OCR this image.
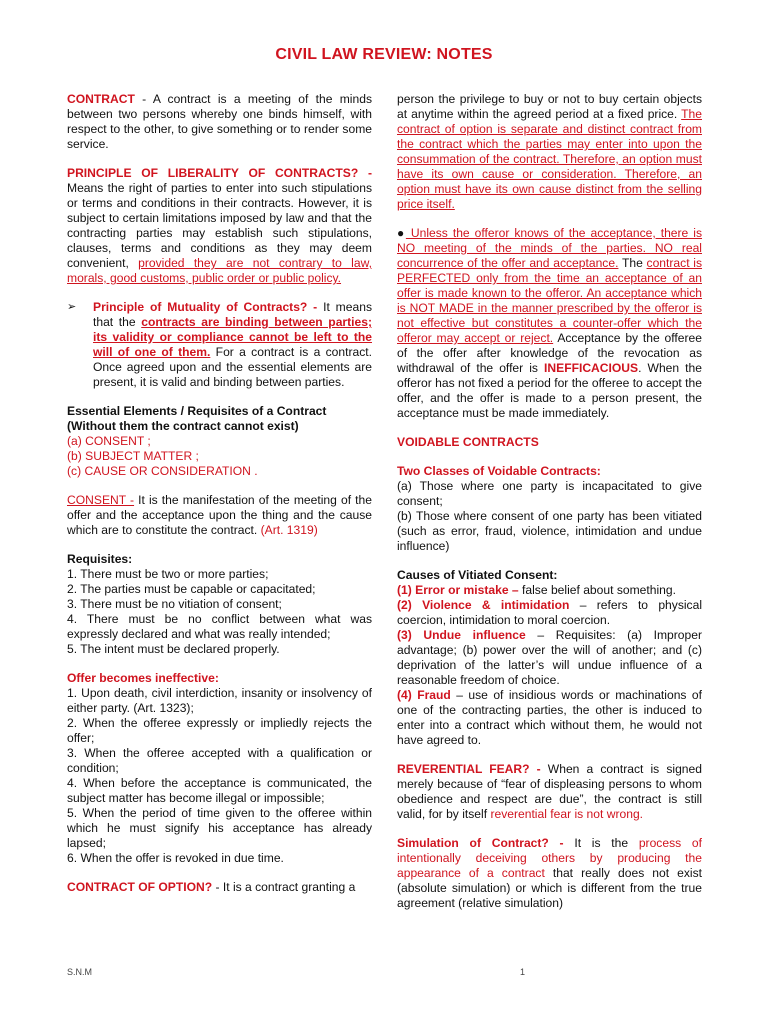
CIVIL LAW REVIEW: NOTES

CONTRACT - A contract is a meeting of the minds between two persons whereby one binds himself, with respect to the other, to give something or to render some service.

PRINCIPLE OF LIBERALITY OF CONTRACTS? - Means the right of parties to enter into such stipulations or terms and conditions in their contracts. However, it is subject to certain limitations imposed by law and that the contracting parties may establish such stipulations, clauses, terms and conditions as they may deem convenient, provided they are not contrary to law, morals, good customs, public order or public policy.

➢	Principle of Mutuality of Contracts? - It means that the contracts are binding between parties; its validity or compliance cannot be left to the will of one of them. For a contract is a contract. Once agreed upon and the essential elements are present, it is valid and binding between parties.
Essential Elements / Requisites of a Contract (Without them the contract cannot exist)
(a) CONSENT ;
(b) SUBJECT MATTER ;
(c) CAUSE OR CONSIDERATION .

CONSENT - It is the manifestation of the meeting of the offer and the acceptance upon the thing and the cause which are to constitute the contract. (Art. 1319)

Requisites:
1. There must be two or more parties;
2. The parties must be capable or capacitated;
3. There must be no vitiation of consent;
4. There must be no conflict between what was expressly declared and what was really intended;
5. The intent must be declared properly.
Offer becomes ineffective:
1. Upon death, civil interdiction, insanity or insolvency of either party. (Art. 1323);
2. When the offeree expressly or impliedly rejects the offer;
3. When the offeree accepted with a qualification or condition;
4. When before the acceptance is communicated, the subject matter has become illegal or impossible;
5. When the period of time given to the offeree within which he must signify his acceptance has already lapsed;
6. When the offer is revoked in due time.

CONTRACT OF OPTION? - It is a contract granting a

person the privilege to buy or not to buy certain objects at anytime within the agreed period at a fixed price. The contract of option is separate and distinct contract from the contract which the parties may enter into upon the consummation of the contract. Therefore, an option must have its own cause or consideration. Therefore, an option must have its own cause distinct from the selling price itself.

● Unless the offeror knows of the acceptance, there is NO meeting of the minds of the parties. NO real concurrence of the offer and acceptance. The contract is PERFECTED only from the time an acceptance of an offer is made known to the offeror. An acceptance which is NOT MADE in the manner prescribed by the offeror is not effective but constitutes a counter-offer which the offeror may accept or reject. Acceptance by the offeree of the offer after knowledge of the revocation as withdrawal of the offer is INEFFICACIOUS. When the offeror has not fixed a period for the offeree to accept the offer, and the offer is made to a person present, the acceptance must be made immediately.

VOIDABLE CONTRACTS

Two Classes of Voidable Contracts:
(a) Those where one party is incapacitated to give consent;
(b) Those where consent of one party has been vitiated (such as error, fraud, violence, intimidation and undue influence)
Causes of Vitiated Consent:
(1) Error or mistake – false belief about something.
(2) Violence & intimidation – refers to physical coercion, intimidation to moral coercion.
(3) Undue influence – Requisites: (a) Improper advantage; (b) power over the will of another; and (c) deprivation of the latter’s will undue influence of a reasonable freedom of choice.
(4) Fraud – use of insidious words or machinations of one of the contracting parties, the other is induced to enter into a contract which without them, he would not have agreed to.

REVERENTIAL FEAR? - When a contract is signed merely because of “fear of displeasing persons to whom obedience and respect are due”, the contract is still valid, for by itself reverential fear is not wrong.

Simulation of Contract? - It is the process of intentionally deceiving others by producing the appearance of a contract that really does not exist (absolute simulation) or which is different from the true agreement (relative simulation)

S.N.M	1
